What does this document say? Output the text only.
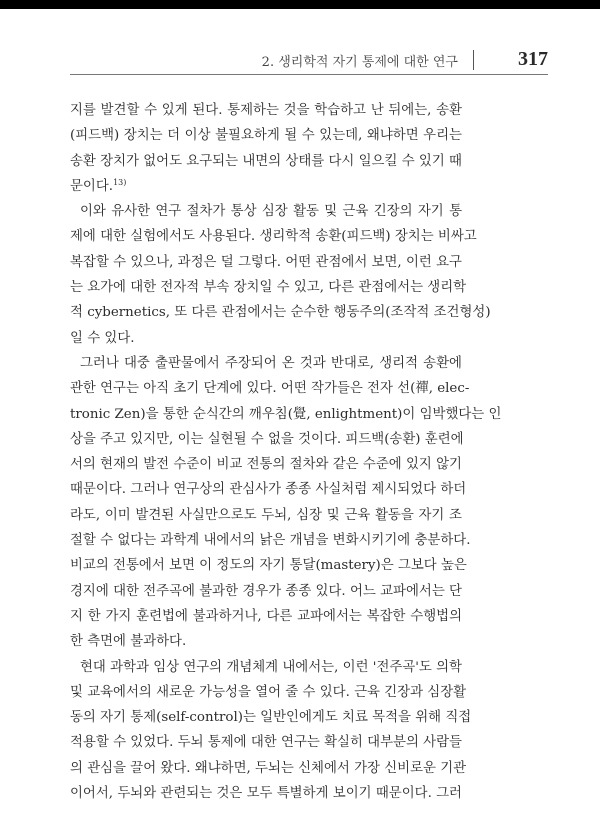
2. 생리학적 자기 통제에 대한 연구	317
지를 발견할 수 있게 된다. 통제하는 것을 학습하고 난 뒤에는, 송환
(피드백) 장치는 더 이상 불필요하게 될 수 있는데, 왜냐하면 우리는
송환 장치가 없어도 요구되는 내면의 상태를 다시 일으킬 수 있기 때
문이다.$^{13)}$
이와 유사한 연구 절차가 통상 심장 활동 및 근육 긴장의 자기 통
제에 대한 실험에서도 사용된다. 생리학적 송환(피드백) 장치는 비싸고
복잡할 수 있으나, 과정은 덜 그렇다. 어떤 관점에서 보면, 이런 요구
는 요가에 대한 전자적 부속 장치일 수 있고, 다른 관점에서는 생리학
적 cybernetics, 또 다른 관점에서는 순수한 행동주의(조작적 조건형성)
일 수 있다.
그러나 대중 출판물에서 주장되어 온 것과 반대로, 생리적 송환에
관한 연구는 아직 초기 단계에 있다. 어떤 작가들은 전자 선(禪, elec-
tronic Zen)을 통한 순식간의 깨우침(覺, enlightment)이 임박했다는 인
상을 주고 있지만, 이는 실현될 수 없을 것이다. 피드백(송환) 훈련에
서의 현재의 발전 수준이 비교 전통의 절차와 같은 수준에 있지 않기
때문이다. 그러나 연구상의 관심사가 종종 사실처럼 제시되었다 하더
라도, 이미 발견된 사실만으로도 두뇌, 심장 및 근육 활동을 자기 조
절할 수 없다는 과학계 내에서의 낡은 개념을 변화시키기에 충분하다.
비교의 전통에서 보면 이 정도의 자기 통달(mastery)은 그보다 높은
경지에 대한 전주곡에 불과한 경우가 종종 있다. 어느 교파에서는 단
지 한 가지 훈련법에 불과하거나, 다른 교파에서는 복잡한 수행법의
한 측면에 불과하다.
현대 과학과 임상 연구의 개념체계 내에서는, 이런 '전주곡'도 의학
및 교육에서의 새로운 가능성을 열어 줄 수 있다. 근육 긴장과 심장활
동의 자기 통제(self-control)는 일반인에게도 치료 목적을 위해 직접
적용할 수 있었다. 두뇌 통제에 대한 연구는 확실히 대부분의 사람들
의 관심을 끌어 왔다. 왜냐하면, 두뇌는 신체에서 가장 신비로운 기관
이어서, 두뇌와 관련되는 것은 모두 특별하게 보이기 때문이다. 그러
